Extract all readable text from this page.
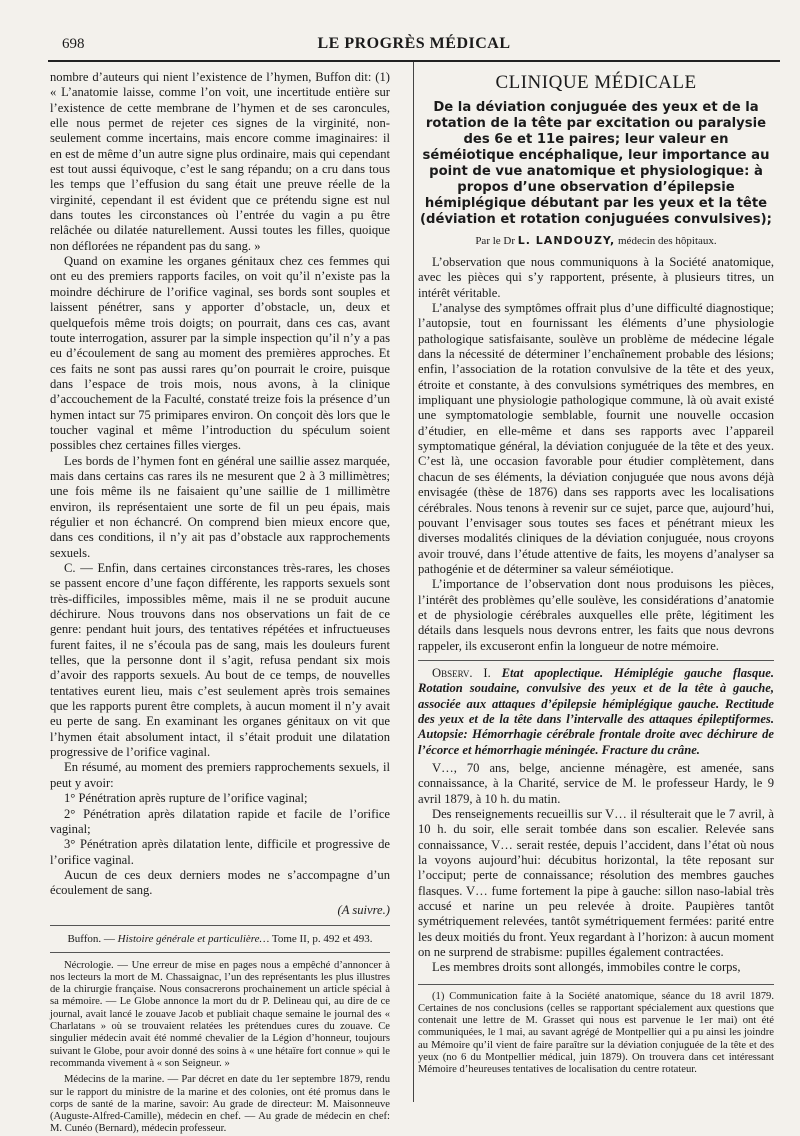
698	LE PROGRÈS MÉDICAL

nombre d’auteurs qui nient l’existence de l’hymen, Buffon dit: (1) « L’anatomie laisse, comme l’on voit, une incertitude entière sur l’existence de cette membrane de l’hymen et de ses caroncules, elle nous permet de rejeter ces signes de la virginité, non-seulement comme incertains, mais encore comme imaginaires: il en est de même d’un autre signe plus ordinaire, mais qui cependant est tout aussi équivoque, c’est le sang répandu; on a cru dans tous les temps que l’effusion du sang était une preuve réelle de la virginité, cependant il est évident que ce prétendu signe est nul dans toutes les circonstances où l’entrée du vagin a pu être relâchée ou dilatée naturellement. Aussi toutes les filles, quoique non déflorées ne répandent pas du sang. »

Quand on examine les organes génitaux chez ces femmes qui ont eu des premiers rapports faciles, on voit qu’il n’existe pas la moindre déchirure de l’orifice vaginal, ses bords sont souples et laissent pénétrer, sans y apporter d’obstacle, un, deux et quelquefois même trois doigts; on pourrait, dans ces cas, avant toute interrogation, assurer par la simple inspection qu’il n’y a pas eu d’écoulement de sang au moment des premières approches. Et ces faits ne sont pas aussi rares qu’on pourrait le croire, puisque dans l’espace de trois mois, nous avons, à la clinique d’accouchement de la Faculté, constaté treize fois la présence d’un hymen intact sur 75 primipares environ. On conçoit dès lors que le toucher vaginal et même l’introduction du spéculum soient possibles chez certaines filles vierges.

Les bords de l’hymen font en général une saillie assez marquée, mais dans certains cas rares ils ne mesurent que 2 à 3 millimètres; une fois même ils ne faisaient qu’une saillie de 1 millimètre environ, ils représentaient une sorte de fil un peu épais, mais régulier et non échancré. On comprend bien mieux encore que, dans ces conditions, il n’y ait pas d’obstacle aux rapprochements sexuels.

C. — Enfin, dans certaines circonstances très-rares, les choses se passent encore d’une façon différente, les rapports sexuels sont très-difficiles, impossibles même, mais il ne se produit aucune déchirure. Nous trouvons dans nos observations un fait de ce genre: pendant huit jours, des tentatives répétées et infructueuses furent faites, il ne s’écoula pas de sang, mais les douleurs furent telles, que la personne dont il s’agit, refusa pendant six mois d’avoir des rapports sexuels. Au bout de ce temps, de nouvelles tentatives eurent lieu, mais c’est seulement après trois semaines que les rapports purent être complets, à aucun moment il n’y avait eu perte de sang. En examinant les organes génitaux on vit que l’hymen était absolument intact, il s’était produit une dilatation progressive de l’orifice vaginal.

En résumé, au moment des premiers rapprochements sexuels, il peut y avoir:

1° Pénétration après rupture de l’orifice vaginal;

2° Pénétration après dilatation rapide et facile de l’orifice vaginal;

3° Pénétration après dilatation lente, difficile et progressive de l’orifice vaginal.

Aucun de ces deux derniers modes ne s’accompagne d’un écoulement de sang.

(A suivre.)

Buffon. — Histoire générale et particulière… Tome II, p. 492 et 493.

Nécrologie. — Une erreur de mise en pages nous a empêché d’annoncer à nos lecteurs la mort de M. Chassaignac, l’un des représentants les plus illustres de la chirurgie française. Nous consacrerons prochainement un article spécial à sa mémoire. — Le Globe annonce la mort du dr P. Delineau qui, au dire de ce journal, avait lancé le zouave Jacob et publiait chaque semaine le journal des « Charlatans » où se trouvaient relatées les prétendues cures du zouave. Ce singulier médecin avait été nommé chevalier de la Légion d’honneur, toujours suivant le Globe, pour avoir donné des soins à « une hétaïre fort connue » qui le recommanda vivement à « son Seigneur. »

Médecins de la marine. — Par décret en date du 1er septembre 1879, rendu sur le rapport du ministre de la marine et des colonies, ont été promus dans le corps de santé de la marine, savoir: Au grade de directeur: M. Maisonneuve (Auguste-Alfred-Camille), médecin en chef. — Au grade de médecin en chef: M. Cunéo (Bernard), médecin professeur.

CLINIQUE MÉDICALE
De la déviation conjuguée des yeux et de la rotation de la tête par excitation ou paralysie des 6e et 11e paires; leur valeur en séméiotique encéphalique, leur importance au point de vue anatomique et physiologique: à propos d’une observation d’épilepsie hémiplégique débutant par les yeux et la tête (déviation et rotation conjuguées convulsives);
Par le Dr L. LANDOUZY, médecin des hôpitaux.

L’observation que nous communiquons à la Société anatomique, avec les pièces qui s’y rapportent, présente, à plusieurs titres, un intérêt véritable.

L’analyse des symptômes offrait plus d’une difficulté diagnostique; l’autopsie, tout en fournissant les éléments d’une physiologie pathologique satisfaisante, soulève un problème de médecine légale dans la nécessité de déterminer l’enchaînement probable des lésions; enfin, l’association de la rotation convulsive de la tête et des yeux, étroite et constante, à des convulsions symétriques des membres, en impliquant une physiologie pathologique commune, là où avait existé une symptomatologie semblable, fournit une nouvelle occasion d’étudier, en elle-même et dans ses rapports avec l’appareil symptomatique général, la déviation conjuguée de la tête et des yeux. C’est là, une occasion favorable pour étudier complètement, dans chacun de ses éléments, la déviation conjuguée que nous avons déjà envisagée (thèse de 1876) dans ses rapports avec les localisations cérébrales. Nous tenons à revenir sur ce sujet, parce que, aujourd’hui, pouvant l’envisager sous toutes ses faces et pénétrant mieux les diverses modalités cliniques de la déviation conjuguée, nous croyons avoir trouvé, dans l’étude attentive de faits, les moyens d’analyser sa pathogénie et de déterminer sa valeur séméiotique.

L’importance de l’observation dont nous produisons les pièces, l’intérêt des problèmes qu’elle soulève, les considérations d’anatomie et de physiologie cérébrales auxquelles elle prête, légitiment les détails dans lesquels nous devrons entrer, les faits que nous devrons rappeler, ils excuseront enfin la longueur de notre mémoire.

Observ. I. Etat apoplectique. Hémiplégie gauche flasque. Rotation soudaine, convulsive des yeux et de la tête à gauche, associée aux attaques d’épilepsie hémiplégique gauche. Rectitude des yeux et de la tête dans l’intervalle des attaques épileptiformes. Autopsie: Hémorrhagie cérébrale frontale droite avec déchirure de l’écorce et hémorrhagie méningée. Fracture du crâne.

V…, 70 ans, belge, ancienne ménagère, est amenée, sans connaissance, à la Charité, service de M. le professeur Hardy, le 9 avril 1879, à 10 h. du matin.

Des renseignements recueillis sur V… il résulterait que le 7 avril, à 10 h. du soir, elle serait tombée dans son escalier. Relevée sans connaissance, V… serait restée, depuis l’accident, dans l’état où nous la voyons aujourd’hui: décubitus horizontal, la tête reposant sur l’occiput; perte de connaissance; résolution des membres gauches flasques. V… fume fortement la pipe à gauche: sillon naso-labial très accusé et narine un peu relevée à droite. Paupières tantôt symétriquement relevées, tantôt symétriquement fermées: parité entre les deux moitiés du front. Yeux regardant à l’horizon: à aucun moment on ne surprend de strabisme: pupilles également contractées.

Les membres droits sont allongés, immobiles contre le corps,

(1) Communication faite à la Société anatomique, séance du 18 avril 1879. Certaines de nos conclusions (celles se rapportant spécialement aux questions que contenait une lettre de M. Grasset qui nous est parvenue le 1er mai) ont été communiquées, le 1 mai, au savant agrégé de Montpellier qui a pu ainsi les joindre au Mémoire qu’il vient de faire paraître sur la déviation conjuguée de la tête et des yeux (no 6 du Montpellier médical, juin 1879). On trouvera dans cet intéressant Mémoire d’heureuses tentatives de localisation du centre rotateur.
